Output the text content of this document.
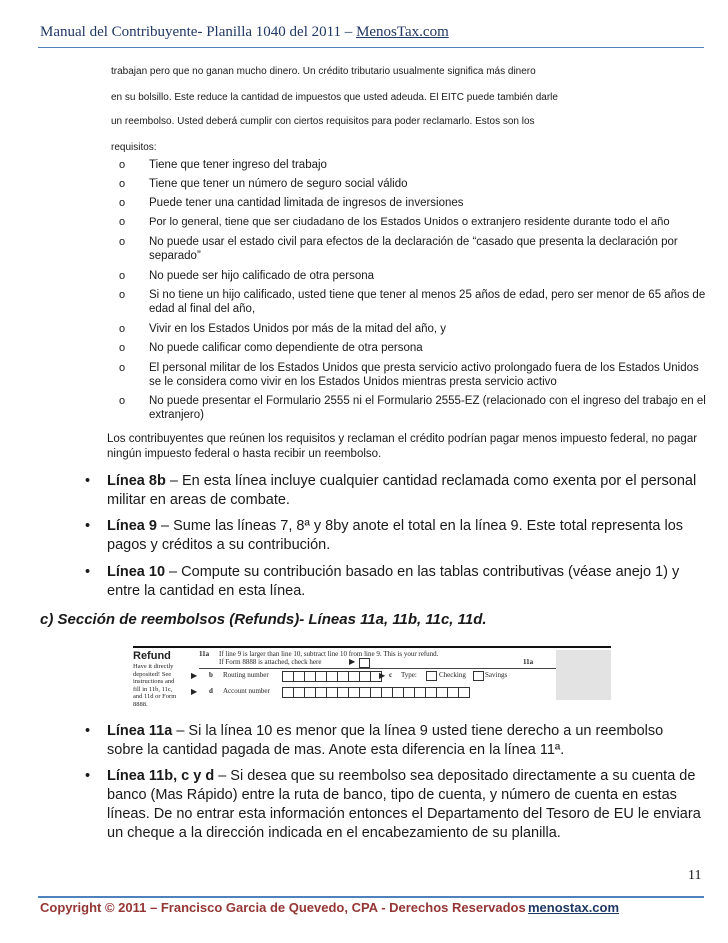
Manual del Contribuyente- Planilla 1040 del 2011 – MenosTax.com
trabajan pero que no ganan mucho dinero. Un crédito tributario usualmente significa más dinero
en su bolsillo. Este reduce la cantidad de impuestos que usted adeuda. El EITC puede también darle
un reembolso. Usted deberá cumplir con ciertos requisitos para poder reclamarlo. Estos son los
requisitos:
o Tiene que tener ingreso del trabajo
o Tiene que tener un número de seguro social válido
o Puede tener una cantidad limitada de ingresos de inversiones
o Por lo general, tiene que ser ciudadano de los Estados Unidos o extranjero residente durante todo el año
o No puede usar el estado civil para efectos de la declaración de “casado que presenta la declaración por separado”
o No puede ser hijo calificado de otra persona
o Si no tiene un hijo calificado, usted tiene que tener al menos 25 años de edad, pero ser menor de 65 años de edad al final del año,
o Vivir en los Estados Unidos por más de la mitad del año, y
o No puede calificar como dependiente de otra persona
o El personal militar de los Estados Unidos que presta servicio activo prolongado fuera de los Estados Unidos se le considera como vivir en los Estados Unidos mientras presta servicio activo
o No puede presentar el Formulario 2555 ni el Formulario 2555-EZ (relacionado con el ingreso del trabajo en el extranjero)
Los contribuyentes que reúnen los requisitos y reclaman el crédito podrían pagar menos impuesto federal, no pagar ningún impuesto federal o hasta recibir un reembolso.
• Línea 8b – En esta línea incluye cualquier cantidad reclamada como exenta por el personal militar en areas de combate.
• Línea 9 – Sume las líneas 7, 8ª y 8by anote el total en la línea 9. Este total representa los pagos y créditos a su contribución.
• Línea 10 – Compute su contribución basado en las tablas contributivas (véase anejo 1) y entre la cantidad en esta línea.
c) Sección de reembolsos (Refunds)- Líneas 11a, 11b, 11c, 11d.
Refund
Have it directly deposited! See instructions and fill in 11b, 11c, and 11d or Form 8888.
11a If line 9 is larger than line 10, subtract line 10 from line 9. This is your refund.
If Form 8888 is attached, check here	▶	11a
▶ b Routing number	▶ c Type:	Checking	Savings
▶ d Account number
• Línea 11a – Si la línea 10 es menor que la línea 9 usted tiene derecho a un reembolso sobre la cantidad pagada de mas. Anote esta diferencia en la línea 11ª.
• Línea 11b, c y d – Si desea que su reembolso sea depositado directamente a su cuenta de banco (Mas Rápido) entre la ruta de banco, tipo de cuenta, y número de cuenta en estas líneas. De no entrar esta información entonces el Departamento del Tesoro de EU le enviara un cheque a la dirección indicada en el encabezamiento de su planilla.
11
Copyright © 2011 – Francisco Garcia de Quevedo, CPA - Derechos Reservados menostax.com
